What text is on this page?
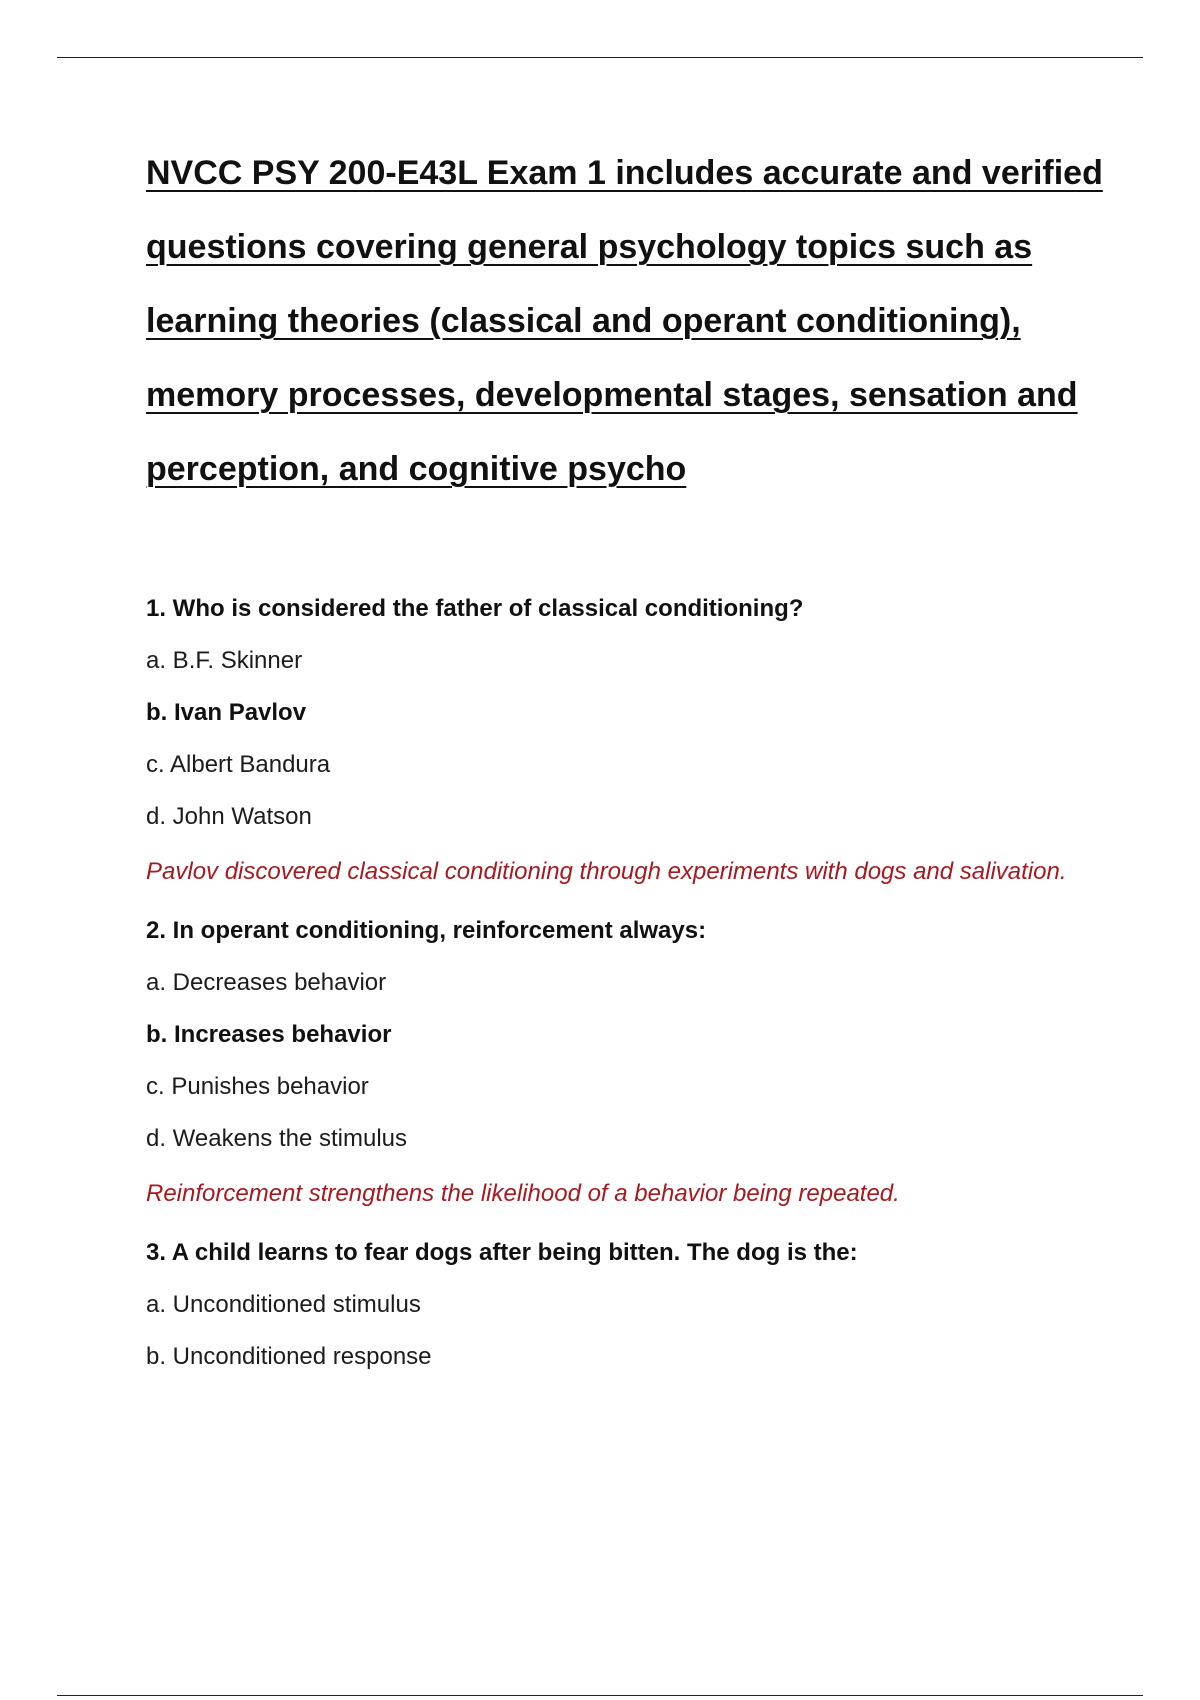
NVCC PSY 200-E43L Exam 1 includes accurate and verified questions covering general psychology topics such as learning theories (classical and operant conditioning), memory processes, developmental stages, sensation and perception, and cognitive psycho
1. Who is considered the father of classical conditioning?
a. B.F. Skinner
b. Ivan Pavlov
c. Albert Bandura
d. John Watson
Pavlov discovered classical conditioning through experiments with dogs and salivation.
2. In operant conditioning, reinforcement always:
a. Decreases behavior
b. Increases behavior
c. Punishes behavior
d. Weakens the stimulus
Reinforcement strengthens the likelihood of a behavior being repeated.
3. A child learns to fear dogs after being bitten. The dog is the:
a. Unconditioned stimulus
b. Unconditioned response
